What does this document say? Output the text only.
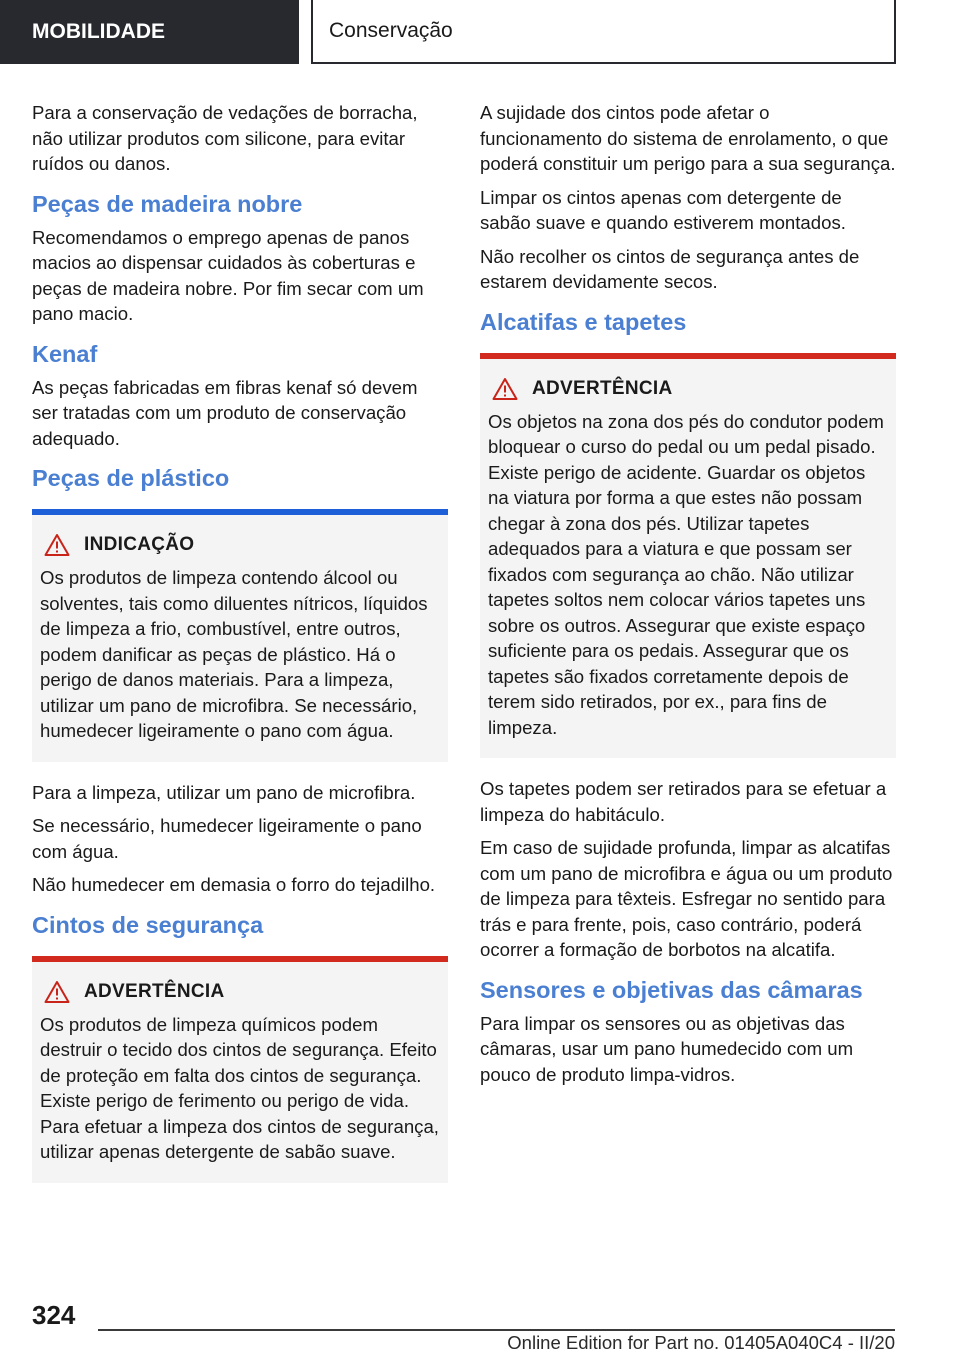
MOBILIDADE	Conservação

Para a conservação de vedações de borracha, não utilizar produtos com silicone, para evitar ruídos ou danos.

Peças de madeira nobre

Recomendamos o emprego apenas de panos macios ao dispensar cuidados às coberturas e peças de madeira nobre. Por fim secar com um pano macio.

Kenaf

As peças fabricadas em fibras kenaf só devem ser tratadas com um produto de conservação adequado.

Peças de plástico
INDICAÇÃO

Os produtos de limpeza contendo álcool ou solventes, tais como diluentes nítricos, líquidos de limpeza a frio, combustível, entre outros, podem danificar as peças de plástico. Há o perigo de danos materiais. Para a limpeza, utilizar um pano de microfibra. Se necessário, humedecer ligeiramente o pano com água.

Para a limpeza, utilizar um pano de microfibra.

Se necessário, humedecer ligeiramente o pano com água.

Não humedecer em demasia o forro do tejadilho.

Cintos de segurança
ADVERTÊNCIA

Os produtos de limpeza químicos podem destruir o tecido dos cintos de segurança. Efeito de proteção em falta dos cintos de segurança. Existe perigo de ferimento ou perigo de vida. Para efetuar a limpeza dos cintos de segurança, utilizar apenas detergente de sabão suave.

A sujidade dos cintos pode afetar o funcionamento do sistema de enrolamento, o que poderá constituir um perigo para a sua segurança.

Limpar os cintos apenas com detergente de sabão suave e quando estiverem montados.

Não recolher os cintos de segurança antes de estarem devidamente secos.

Alcatifas e tapetes
ADVERTÊNCIA

Os objetos na zona dos pés do condutor podem bloquear o curso do pedal ou um pedal pisado. Existe perigo de acidente. Guardar os objetos na viatura por forma a que estes não possam chegar à zona dos pés. Utilizar tapetes adequados para a viatura e que possam ser fixados com segurança ao chão. Não utilizar tapetes soltos nem colocar vários tapetes uns sobre os outros. Assegurar que existe espaço suficiente para os pedais. Assegurar que os tapetes são fixados corretamente depois de terem sido retirados, por ex., para fins de limpeza.

Os tapetes podem ser retirados para se efetuar a limpeza do habitáculo.

Em caso de sujidade profunda, limpar as alcatifas com um pano de microfibra e água ou um produto de limpeza para têxteis. Esfregar no sentido para trás e para frente, pois, caso contrário, poderá ocorrer a formação de borbotos na alcatifa.

Sensores e objetivas das câmaras

Para limpar os sensores ou as objetivas das câmaras, usar um pano humedecido com um pouco de produto limpa-vidros.

324
Online Edition for Part no. 01405A040C4 - II/20
